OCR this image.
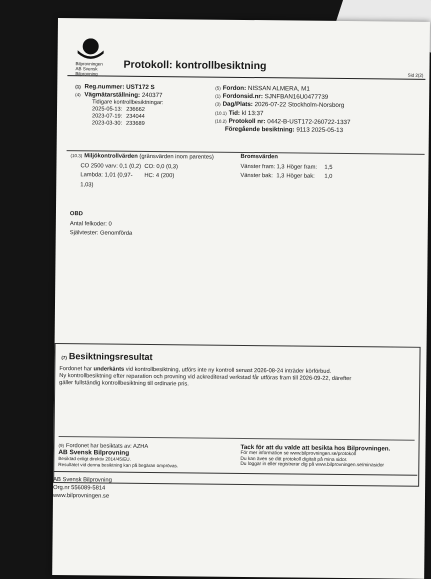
Bilprovningen
AB Svensk Bilprovning
Protokoll: kontrollbesiktning
Sid 2(2)
(1) Reg.nummer: UST172 S
(4) Vägmätarställning: 240377
Tidigare kontrollbesiktningar:
2025-05-13: 236662
2023-07-19: 234044
2023-03-30: 233689
(5) Fordon: NISSAN ALMERA, M1
(1) Fordonsid.nr: SJNFBAN16U0477739
(3) Dag/Plats: 2026-07-22 Stockholm-Norsborg
(10.1) Tid: kl 13:37
(10.2) Protokoll nr: 0442-B-UST172-260722-1337
Föregående besiktning: 9113 2025-05-13
(10.3) Miljökontrollvärden (gränsvärden inom parentes)
CO 2500 varv: 0,1 (0,2) CO: 0,0 (0,3)
Lambda: 1,01 (0,97-1,03)
HC: 4 (200)
Bromsvärden
Vänster fram: 1,3 Höger fram:	1,5
Vänster bak: 1,3 Höger bak:	1,0
OBD
Antal felkoder: 0
Självtester: Genomförda
(7) Besiktningsresultat
Fordonet har underkänts vid kontrollbesiktning, utförs inte ny kontroll senast 2026-08-24 inträder körförbud.
Ny kontrollbesiktning efter reparation och provning vid ackrediterad verkstad får utföras fram till 2026-09-22, därefter
gäller fullständig kontrollbesiktning till ordinarie pris.
(9) Fordonet har besiktats av: AZHA
AB Svensk Bilprovning
Besiktad enligt direktiv 2014/45/EU.
Resultatet vid denna besiktning kan på begäran omprövas.
Tack för att du valde att besikta hos Bilprovningen.
För mer information se www.bilprovningen.se/protokoll
Du kan även se ditt protokoll digitalt på mina sidor.
Du loggar in eller registrerar dig på www.bilprovningen.se/minasidor
AB Svensk Bilprovning
Org.nr 556089-5814
www.bilprovningen.se
